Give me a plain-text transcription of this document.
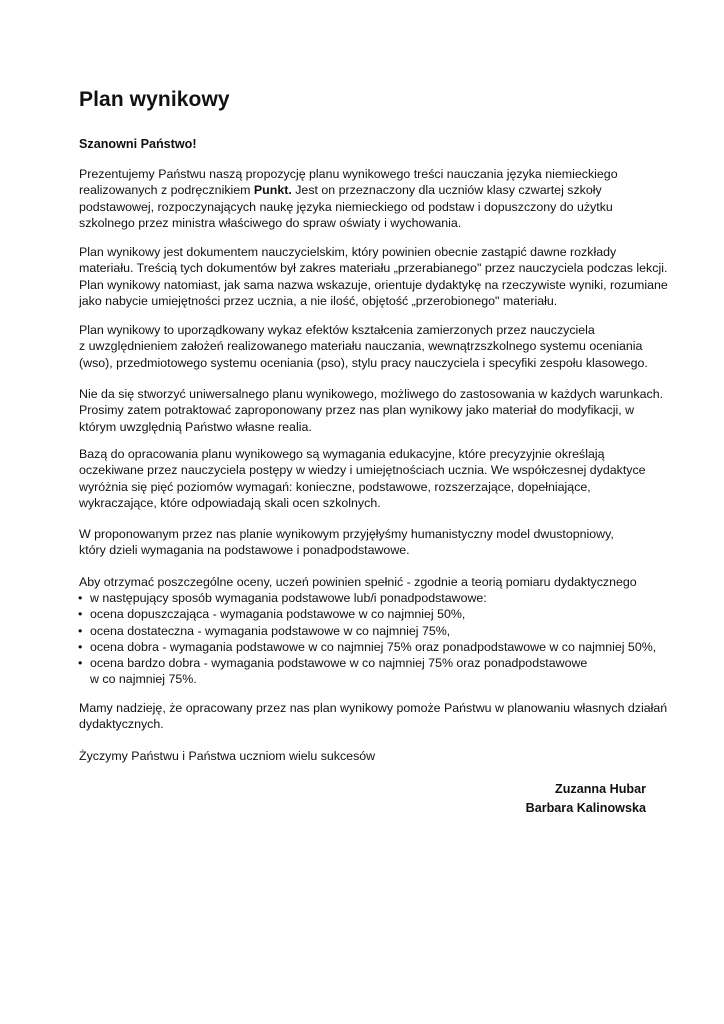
Plan wynikowy
Szanowni Państwo!

Prezentujemy Państwu naszą propozycję planu wynikowego treści nauczania języka niemieckiego
realizowanych z podręcznikiem Punkt. Jest on przeznaczony dla uczniów klasy czwartej szkoły
podstawowej, rozpoczynających naukę języka niemieckiego od podstaw i dopuszczony do użytku
szkolnego przez ministra właściwego do spraw oświaty i wychowania.

Plan wynikowy jest dokumentem nauczycielskim, który powinien obecnie zastąpić dawne rozkłady
materiału. Treścią tych dokumentów był zakres materiału „przerabianego" przez nauczyciela podczas lekcji.
Plan wynikowy natomiast, jak sama nazwa wskazuje, orientuje dydaktykę na rzeczywiste wyniki, rozumiane
jako nabycie umiejętności przez ucznia, a nie ilość, objętość „przerobionego" materiału.

Plan wynikowy to uporządkowany wykaz efektów kształcenia zamierzonych przez nauczyciela
z uwzględnieniem założeń realizowanego materiału nauczania, wewnątrzszkolnego systemu oceniania
(wso), przedmiotowego systemu oceniania (pso), stylu pracy nauczyciela i specyfiki zespołu klasowego.

Nie da się stworzyć uniwersalnego planu wynikowego, możliwego do zastosowania w każdych warunkach.
Prosimy zatem potraktować zaproponowany przez nas plan wynikowy jako materiał do modyfikacji, w
którym uwzględnią Państwo własne realia.

Bazą do opracowania planu wynikowego są wymagania edukacyjne, które precyzyjnie określają
oczekiwane przez nauczyciela postępy w wiedzy i umiejętnościach ucznia. We współczesnej dydaktyce
wyróżnia się pięć poziomów wymagań: konieczne, podstawowe, rozszerzające, dopełniające,
wykraczające, które odpowiadają skali ocen szkolnych.

W proponowanym przez nas planie wynikowym przyjęłyśmy humanistyczny model dwustopniowy,
który dzieli wymagania na podstawowe i ponadpodstawowe.

Aby otrzymać poszczególne oceny, uczeń powinien spełnić - zgodnie a teorią pomiaru dydaktycznego
• w następujący sposób wymagania podstawowe lub/i ponadpodstawowe:
• ocena dopuszczająca - wymagania podstawowe w co najmniej 50%,
• ocena dostateczna - wymagania podstawowe w co najmniej 75%,
• ocena dobra - wymagania podstawowe w co najmniej 75% oraz ponadpodstawowe w co najmniej 50%,
• ocena bardzo dobra - wymagania podstawowe w co najmniej 75% oraz ponadpodstawowe
w co najmniej 75%.

Mamy nadzieję, że opracowany przez nas plan wynikowy pomoże Państwu w planowaniu własnych działań
dydaktycznych.

Życzymy Państwu i Państwa uczniom wielu sukcesów

Zuzanna Hubar
Barbara Kalinowska
